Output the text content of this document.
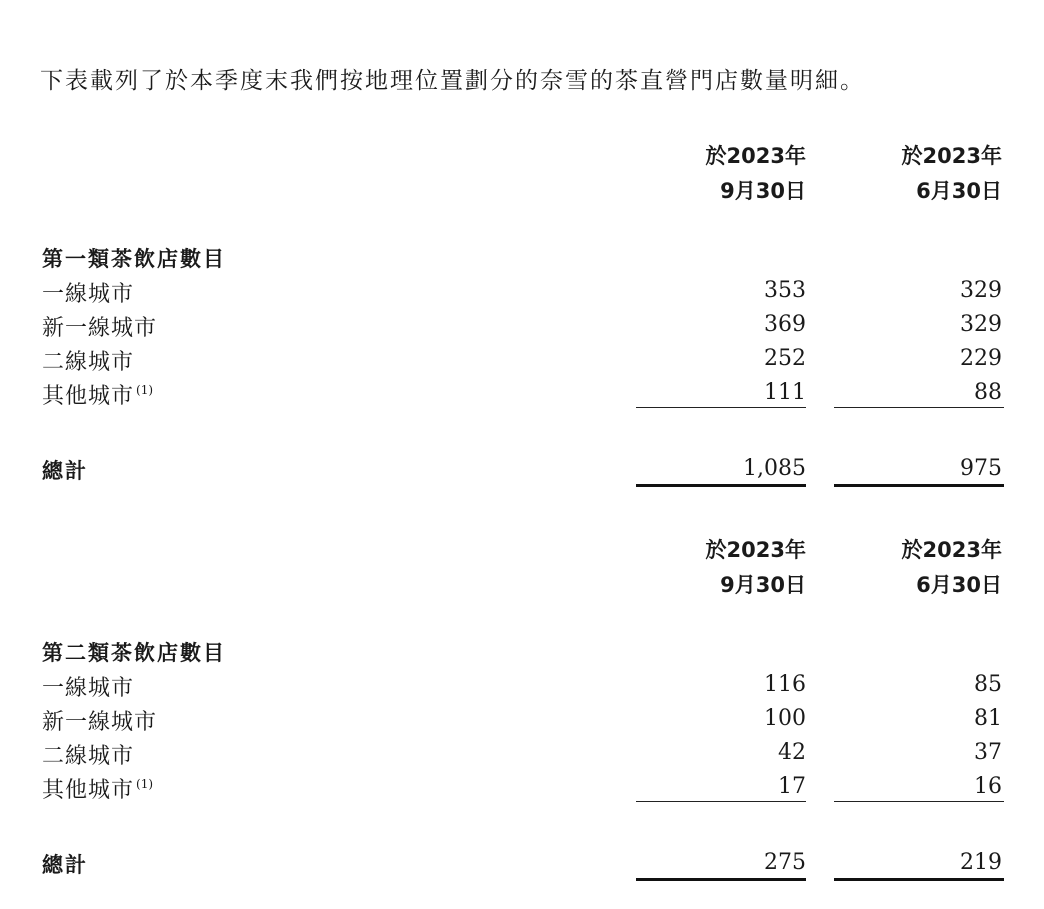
下表載列了於本季度末我們按地理位置劃分的奈雪的茶直營門店數量明細。
於2023年
9月30日
於2023年
6月30日
第一類茶飲店數目
一線城市	353	329
新一線城市	369	329
二線城市	252	229
其他城市 $^{(1)}$	111	88
總計	1,085	975
於2023年
9月30日
於2023年
6月30日
第二類茶飲店數目
一線城市	116	85
新一線城市	100	81
二線城市	42	37
其他城市 $^{(1)}$	17	16
總計	275	219
